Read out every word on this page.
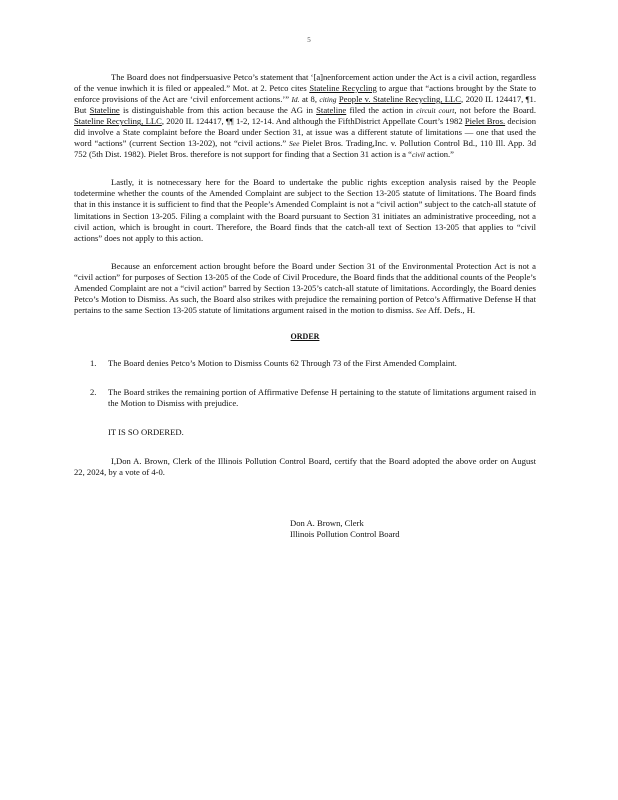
5

The Board does not findpersuasive Petco’s statement that ‘[a]nenforcement action under the Act is a civil action, regardless of the venue inwhich it is filed or appealed.” Mot. at 2. Petco cites Stateline Recycling to argue that “actions brought by the State to enforce provisions of the Act are ‘civil enforcement actions.’” Id. at 8, citing People v. Stateline Recycling, LLC, 2020 IL 124417, ¶1. But Stateline is distinguishable from this action because the AG in Stateline filed the action in circuit court, not before the Board. Stateline Recycling, LLC, 2020 IL 124417, ¶¶ 1-2, 12-14. And although the FifthDistrict Appellate Court’s 1982 Pielet Bros. decision did involve a State complaint before the Board under Section 31, at issue was a different statute of limitations — one that used the word “actions” (current Section 13-202), not “civil actions.” See Pielet Bros. Trading,Inc. v. Pollution Control Bd., 110 Ill. App. 3d 752 (5th Dist. 1982). Pielet Bros. therefore is not support for finding that a Section 31 action is a “civil action.”

Lastly, it is notnecessary here for the Board to undertake the public rights exception analysis raised by the People todetermine whether the counts of the Amended Complaint are subject to the Section 13-205 statute of limitations. The Board finds that in this instance it is sufficient to find that the People’s Amended Complaint is not a “civil action” subject to the catch-all statute of limitations in Section 13-205. Filing a complaint with the Board pursuant to Section 31 initiates an administrative proceeding, not a civil action, which is brought in court. Therefore, the Board finds that the catch-all text of Section 13-205 that applies to “civil actions” does not apply to this action.

Because an enforcement action brought before the Board under Section 31 of the Environmental Protection Act is not a “civil action” for purposes of Section 13-205 of the Code of Civil Procedure, the Board finds that the additional counts of the People’s Amended Complaint are not a “civil action” barred by Section 13-205’s catch-all statute of limitations. Accordingly, the Board denies Petco’s Motion to Dismiss. As such, the Board also strikes with prejudice the remaining portion of Petco’s Affirmative Defense H that pertains to the same Section 13-205 statute of limitations argument raised in the motion to dismiss. See Aff. Defs., H.

ORDER
1. The Board denies Petco’s Motion to Dismiss Counts 62 Through 73 of the First Amended Complaint.
2. The Board strikes the remaining portion of Affirmative Defense H pertaining to the statute of limitations argument raised in the Motion to Dismiss with prejudice.
IT IS SO ORDERED.

I,Don A. Brown, Clerk of the Illinois Pollution Control Board, certify that the Board adopted the above order on August 22, 2024, by a vote of 4-0.

Don A. Brown, Clerk
Illinois Pollution Control Board
